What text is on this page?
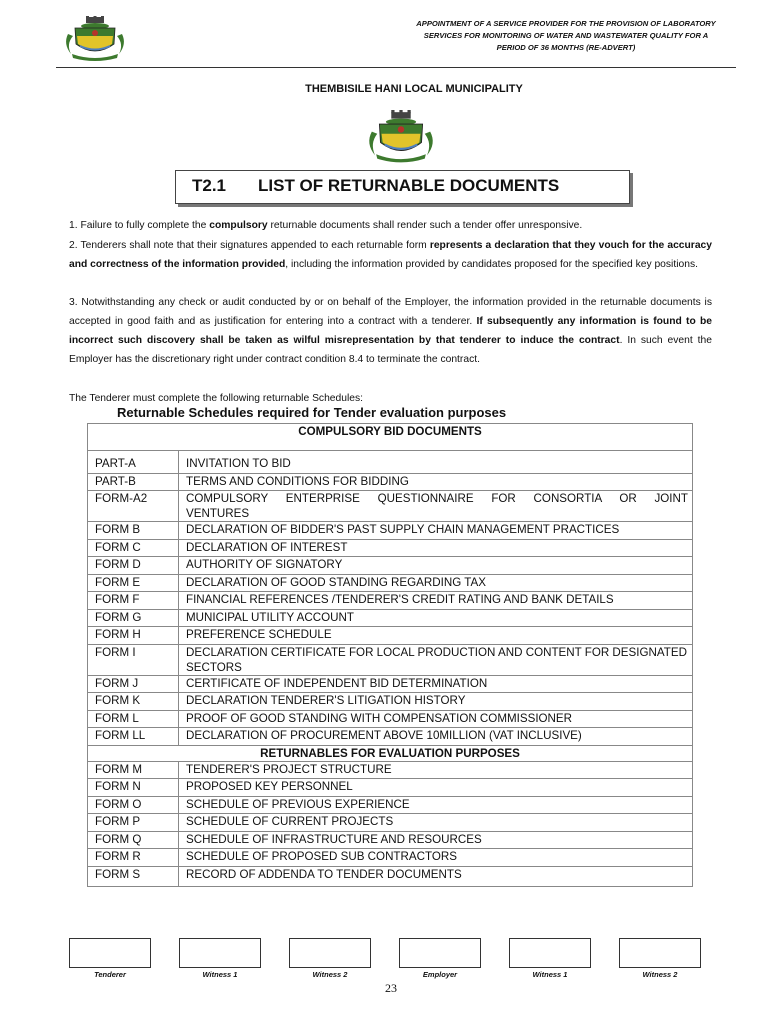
APPOINTMENT OF A SERVICE PROVIDER FOR THE PROVISION OF LABORATORY
SERVICES FOR MONITORING OF WATER AND WASTEWATER QUALITY FOR A
PERIOD OF 36 MONTHS (RE-ADVERT)
THEMBISILE HANI LOCAL MUNICIPALITY
T2.1 LIST OF RETURNABLE DOCUMENTS
1. Failure to fully complete the compulsory returnable documents shall render such a tender offer unresponsive.
2. Tenderers shall note that their signatures appended to each returnable form represents a declaration that they vouch for the accuracy and correctness of the information provided, including the information provided by candidates proposed for the specified key positions.
3. Notwithstanding any check or audit conducted by or on behalf of the Employer, the information provided in the returnable documents is accepted in good faith and as justification for entering into a contract with a tenderer. If subsequently any information is found to be incorrect such discovery shall be taken as wilful misrepresentation by that tenderer to induce the contract. In such event the Employer has the discretionary right under contract condition 8.4 to terminate the contract.
The Tenderer must complete the following returnable Schedules:
Returnable Schedules required for Tender evaluation purposes
COMPULSORY BID DOCUMENTS	
PART-A	INVITATION TO BID
PART-B	TERMS AND CONDITIONS FOR BIDDING
FORM-A2	COMPULSORY ENTERPRISE QUESTIONNAIRE FOR CONSORTIA OR JOINT
VENTURES

FORM B	DECLARATION OF BIDDER'S PAST SUPPLY CHAIN MANAGEMENT PRACTICES
FORM C	DECLARATION OF INTEREST
FORM D	AUTHORITY OF SIGNATORY
FORM E	DECLARATION OF GOOD STANDING REGARDING TAX
FORM F	FINANCIAL REFERENCES /TENDERER'S CREDIT RATING AND BANK DETAILS
FORM G	MUNICIPAL UTILITY ACCOUNT
FORM H	PREFERENCE SCHEDULE
FORM I	DECLARATION CERTIFICATE FOR LOCAL PRODUCTION AND CONTENT FOR DESIGNATED SECTORS
FORM J	CERTIFICATE OF INDEPENDENT BID DETERMINATION
FORM K	DECLARATION TENDERER'S LITIGATION HISTORY
FORM L	PROOF OF GOOD STANDING WITH COMPENSATION COMMISSIONER
FORM LL	DECLARATION OF PROCUREMENT ABOVE 10MILLION (VAT INCLUSIVE)
RETURNABLES FOR EVALUATION PURPOSES	
FORM M	TENDERER'S PROJECT STRUCTURE
FORM N	PROPOSED KEY PERSONNEL
FORM O	SCHEDULE OF PREVIOUS EXPERIENCE
FORM P	SCHEDULE OF CURRENT PROJECTS
FORM Q	SCHEDULE OF INFRASTRUCTURE AND RESOURCES
FORM R	SCHEDULE OF PROPOSED SUB CONTRACTORS
FORM S	RECORD OF ADDENDA TO TENDER DOCUMENTS
Tenderer	Witness 1	Witness 2	Employer	Witness 1	Witness 2
23
